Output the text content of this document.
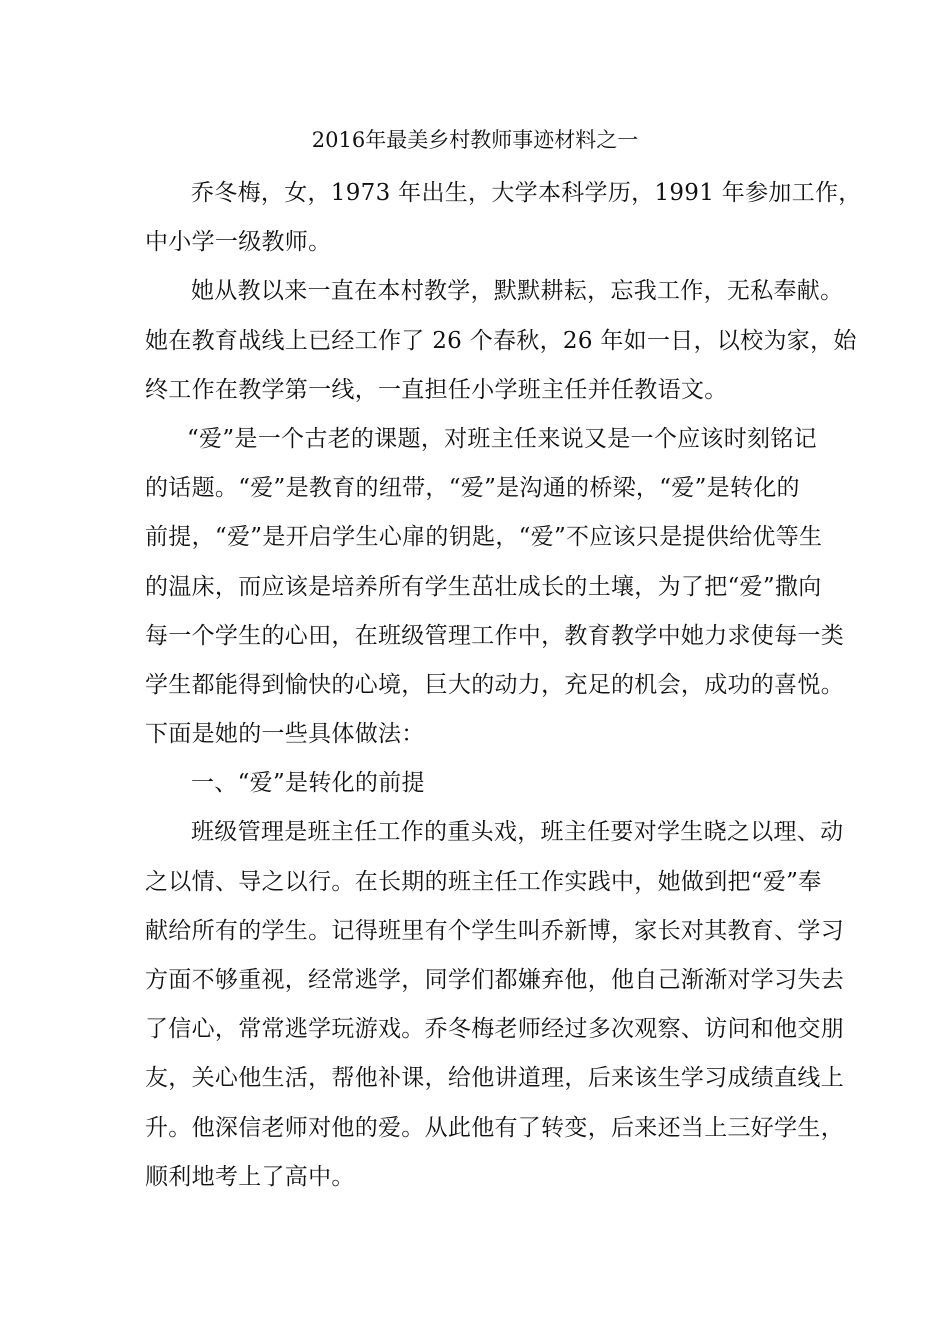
2016年最美乡村教师事迹材料之一
乔冬梅，女，1973 年出生，大学本科学历，1991 年参加工作，
中小学一级教师。
她从教以来一直在本村教学，默默耕耘，忘我工作，无私奉献。
她在教育战线上已经工作了 26 个春秋，26 年如一日，以校为家，始
终工作在教学第一线，一直担任小学班主任并任教语文。
“爱”是一个古老的课题，对班主任来说又是一个应该时刻铭记
的话题。“爱”是教育的纽带，“爱”是沟通的桥梁，“爱”是转化的
前提，“爱”是开启学生心扉的钥匙，“爱”不应该只是提供给优等生
的温床，而应该是培养所有学生茁壮成长的土壤，为了把“爱”撒向
每一个学生的心田，在班级管理工作中，教育教学中她力求使每一类
学生都能得到愉快的心境，巨大的动力，充足的机会，成功的喜悦。
下面是她的一些具体做法：
一、“爱”是转化的前提
班级管理是班主任工作的重头戏，班主任要对学生晓之以理、动
之以情、导之以行。在长期的班主任工作实践中，她做到把“爱”奉
献给所有的学生。记得班里有个学生叫乔新博，家长对其教育、学习
方面不够重视，经常逃学，同学们都嫌弃他，他自己渐渐对学习失去
了信心，常常逃学玩游戏。乔冬梅老师经过多次观察、访问和他交朋
友，关心他生活，帮他补课，给他讲道理，后来该生学习成绩直线上
升。他深信老师对他的爱。从此他有了转变，后来还当上三好学生，
顺利地考上了高中。
